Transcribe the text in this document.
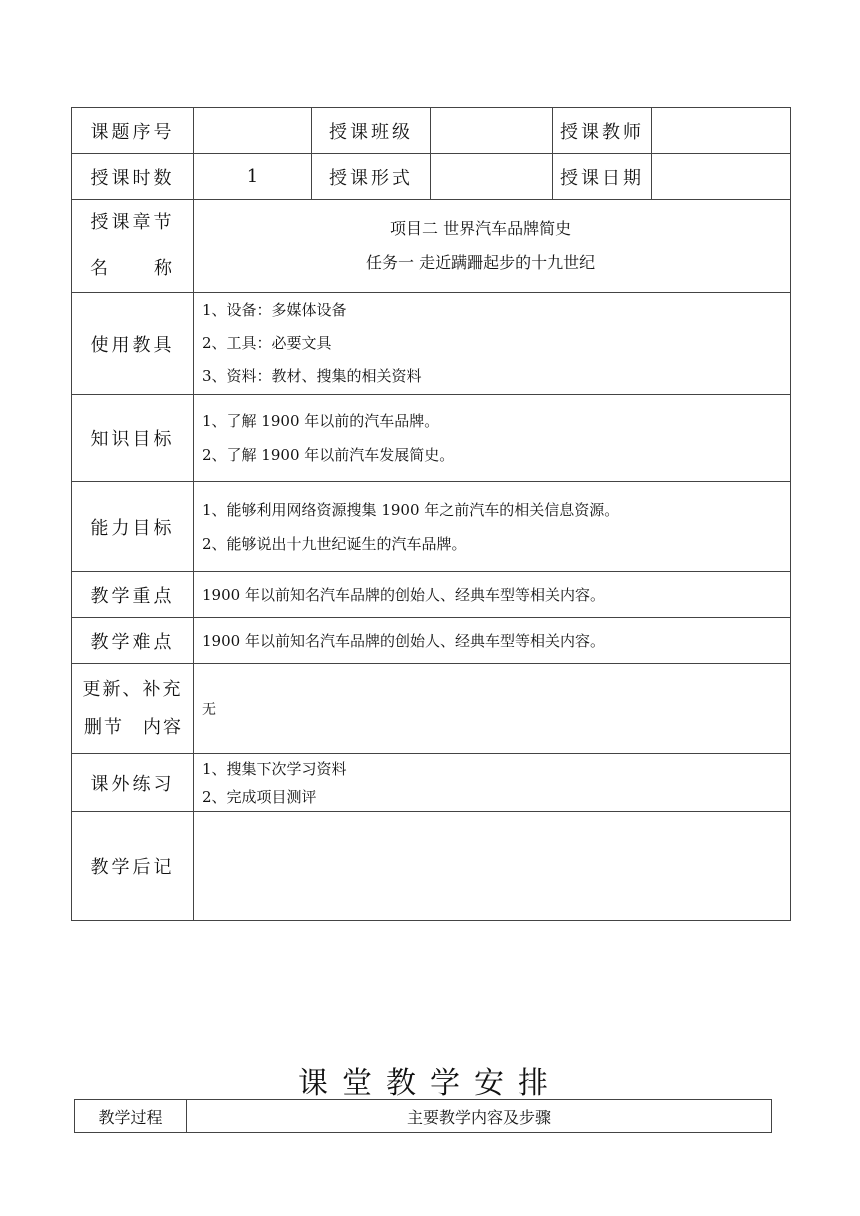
课题序号		授课班级		授课教师	
授课时数	1	授课形式		授课日期	

授课章节
名 称	项目二 世界汽车品牌简史
任务一 走近蹒跚起步的十九世纪				

使用教具	1、设备：多媒体设备
2、工具：必要文具
3、资料：教材、搜集的相关资料				

知识目标	1、了解 1900 年以前的汽车品牌。
2、了解 1900 年以前汽车发展简史。				

能力目标	1、能够利用网络资源搜集 1900 年之前汽车的相关信息资源。
2、能够说出十九世纪诞生的汽车品牌。				

教学重点	1900 年以前知名汽车品牌的创始人、经典车型等相关内容。				
教学难点	1900 年以前知名汽车品牌的创始人、经典车型等相关内容。				

更新、补充
删节 内容	无				
课外练习	1、搜集下次学习资料
2、完成项目测评				

教学后记					
课堂教学安排
教学过程	主要教学内容及步骤
